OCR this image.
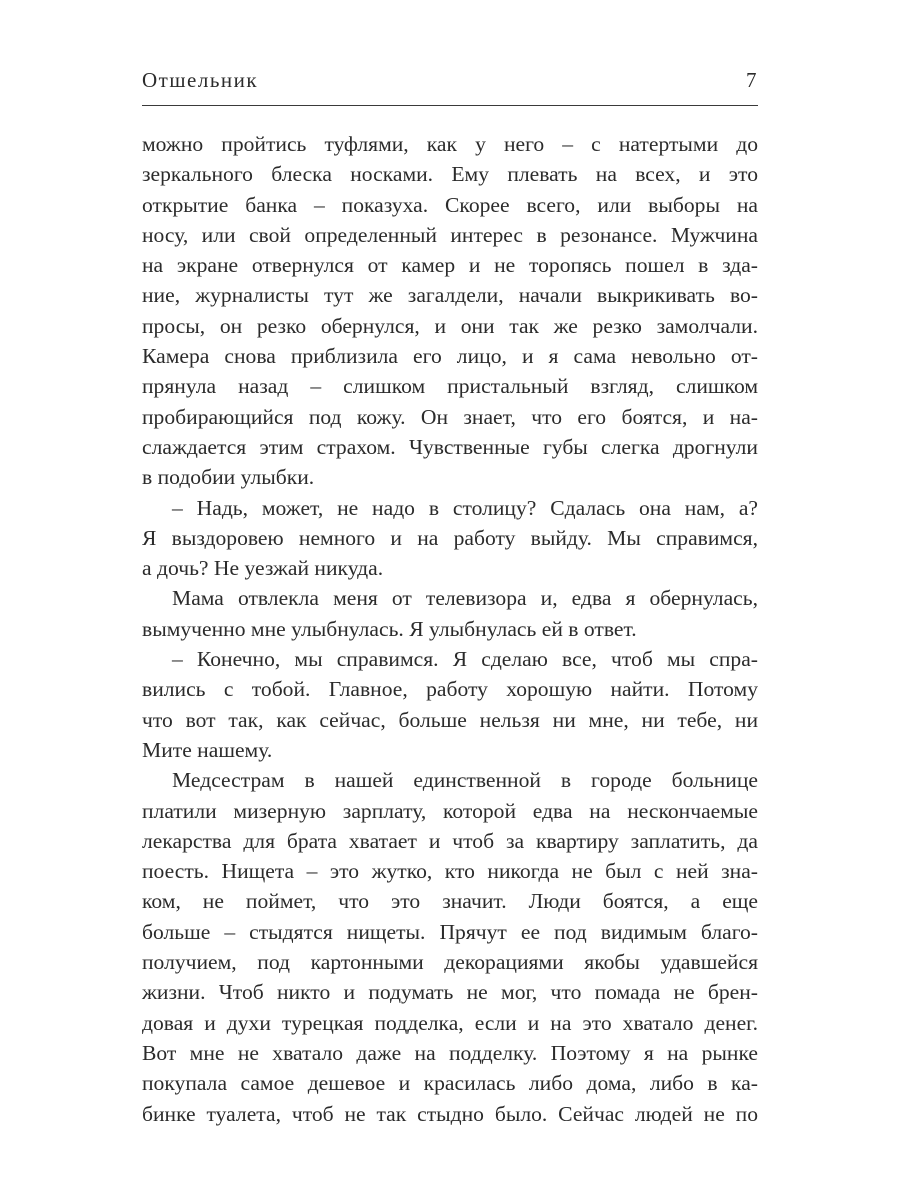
Отшельник	7
можно пройтись туфлями, как у него – с натертыми до
зеркального блеска носками. Ему плевать на всех, и это
открытие банка – показуха. Скорее всего, или выборы на
носу, или свой определенный интерес в резонансе. Мужчина
на экране отвернулся от камер и не торопясь пошел в зда-
ние, журналисты тут же загалдели, начали выкрикивать во-
просы, он резко обернулся, и они так же резко замолчали.
Камера снова приблизила его лицо, и я сама невольно от-
прянула назад – слишком пристальный взгляд, слишком
пробирающийся под кожу. Он знает, что его боятся, и на-
слаждается этим страхом. Чувственные губы слегка дрогнули
в подобии улыбки.
– Надь, может, не надо в столицу? Сдалась она нам, а?
Я выздоровею немного и на работу выйду. Мы справимся,
а дочь? Не уезжай никуда.
Мама отвлекла меня от телевизора и, едва я обернулась,
вымученно мне улыбнулась. Я улыбнулась ей в ответ.
– Конечно, мы справимся. Я сделаю все, чтоб мы спра-
вились с тобой. Главное, работу хорошую найти. Потому
что вот так, как сейчас, больше нельзя ни мне, ни тебе, ни
Мите нашему.
Медсестрам в нашей единственной в городе больнице
платили мизерную зарплату, которой едва на нескончаемые
лекарства для брата хватает и чтоб за квартиру заплатить, да
поесть. Нищета – это жутко, кто никогда не был с ней зна-
ком, не поймет, что это значит. Люди боятся, а еще
больше – стыдятся нищеты. Прячут ее под видимым благо-
получием, под картонными декорациями якобы удавшейся
жизни. Чтоб никто и подумать не мог, что помада не брен-
довая и духи турецкая подделка, если и на это хватало денег.
Вот мне не хватало даже на подделку. Поэтому я на рынке
покупала самое дешевое и красилась либо дома, либо в ка-
бинке туалета, чтоб не так стыдно было. Сейчас людей не по
